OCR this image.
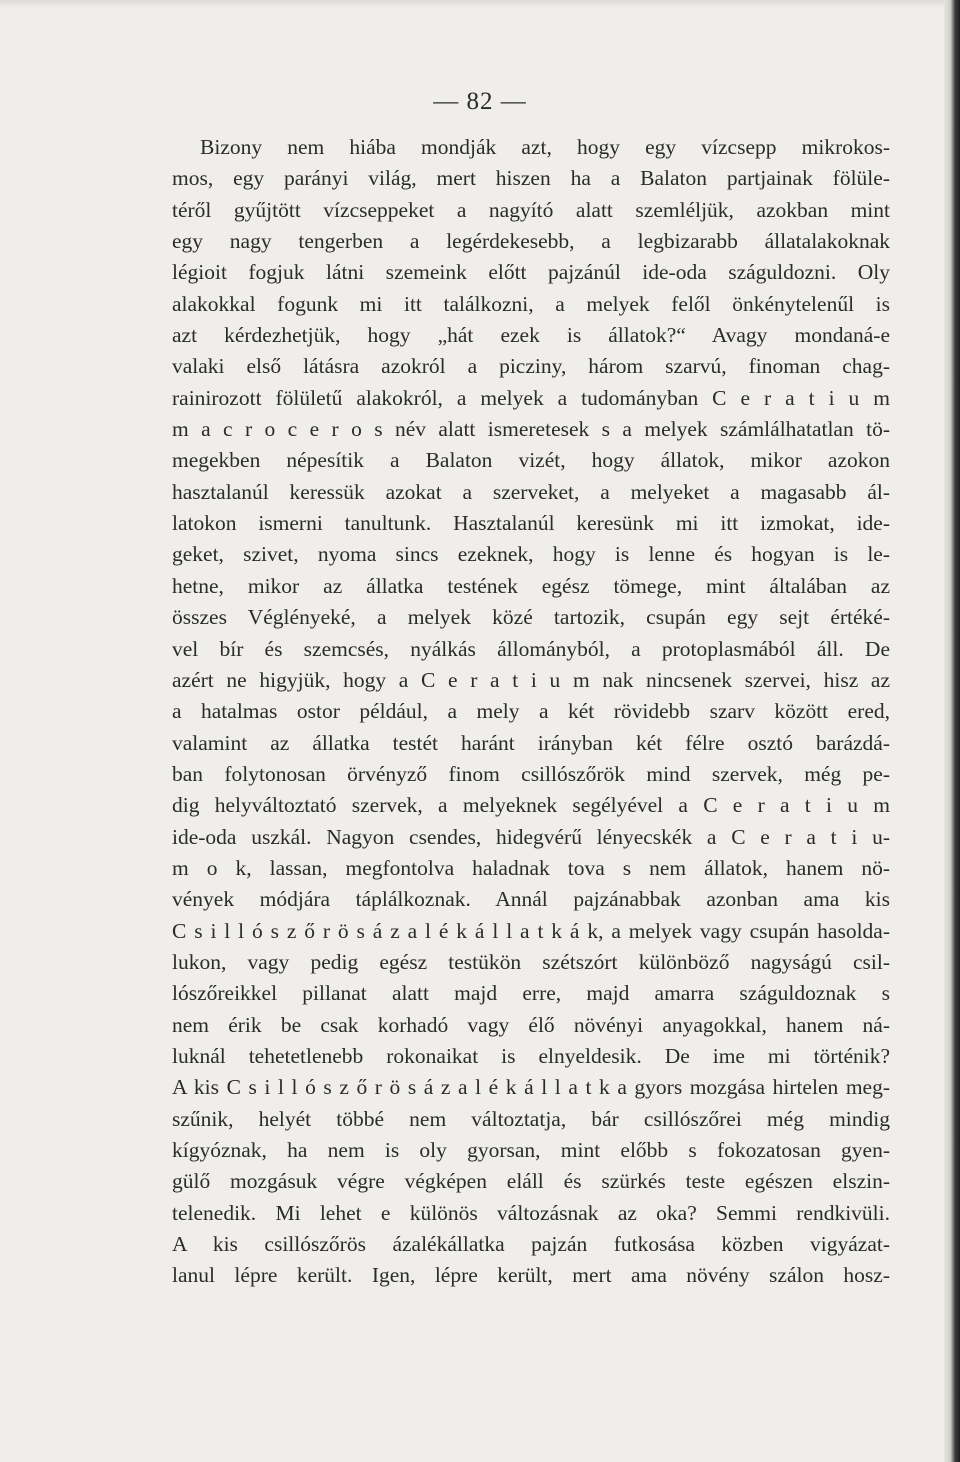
— 82 —
Bizony nem hiába mondják azt, hogy egy vízcsepp mikrokos-
mos, egy parányi világ, mert hiszen ha a Balaton partjainak fölüle-
téről gyűjtött vízcseppeket a nagyító alatt szemléljük, azokban mint
egy nagy tengerben a legérdekesebb, a legbizarabb állatalakoknak
légioit fogjuk látni szemeink előtt pajzánúl ide-oda száguldozni. Oly
alakokkal fogunk mi itt találkozni, a melyek felől önkénytelenűl is
azt kérdezhetjük, hogy „hát ezek is állatok?“ Avagy mondaná-e
valaki első látásra azokról a picziny, három szarvú, finoman chag-
rainirozott fölületű alakokról, a melyek a tudományban C e r a t i u m
m a c r o c e r o s név alatt ismeretesek s a melyek számlálhatatlan tö-
megekben népesítik a Balaton vizét, hogy állatok, mikor azokon
hasztalanúl keressük azokat a szerveket, a melyeket a magasabb ál-
latokon ismerni tanultunk. Hasztalanúl keresünk mi itt izmokat, ide-
geket, szivet, nyoma sincs ezeknek, hogy is lenne és hogyan is le-
hetne, mikor az állatka testének egész tömege, mint általában az
összes Véglényeké, a melyek közé tartozik, csupán egy sejt értéké-
vel bír és szemcsés, nyálkás állományból, a protoplasmából áll. De
azért ne higyjük, hogy a C e r a t i u m nak nincsenek szervei, hisz az
a hatalmas ostor például, a mely a két rövidebb szarv között ered,
valamint az állatka testét haránt irányban két félre osztó barázdá-
ban folytonosan örvényző finom csillószőrök mind szervek, még pe-
dig helyváltoztató szervek, a melyeknek segélyével a C e r a t i u m
ide-oda uszkál. Nagyon csendes, hidegvérű lényecskék a C e r a t i u-
m o k, lassan, megfontolva haladnak tova s nem állatok, hanem nö-
vények módjára táplálkoznak. Annál pajzánabbak azonban ama kis
C s i l l ó s z ő r ö s á z a l é k á l l a t k á k, a melyek vagy csupán hasolda-
lukon, vagy pedig egész testükön szétszórt különböző nagyságú csil-
lószőreikkel pillanat alatt majd erre, majd amarra száguldoznak s
nem érik be csak korhadó vagy élő növényi anyagokkal, hanem ná-
luknál tehetetlenebb rokonaikat is elnyeldesik. De ime mi történik?
A kis C s i l l ó s z ő r ö s á z a l é k á l l a t k a gyors mozgása hirtelen meg-
szűnik, helyét többé nem változtatja, bár csillószőrei még mindig
kígyóznak, ha nem is oly gyorsan, mint előbb s fokozatosan gyen-
gülő mozgásuk végre végképen eláll és szürkés teste egészen elszin-
telenedik. Mi lehet e különös változásnak az oka? Semmi rendkivüli.
A kis csillószőrös ázalékállatka pajzán futkosása közben vigyázat-
lanul lépre került. Igen, lépre került, mert ama növény szálon hosz-
